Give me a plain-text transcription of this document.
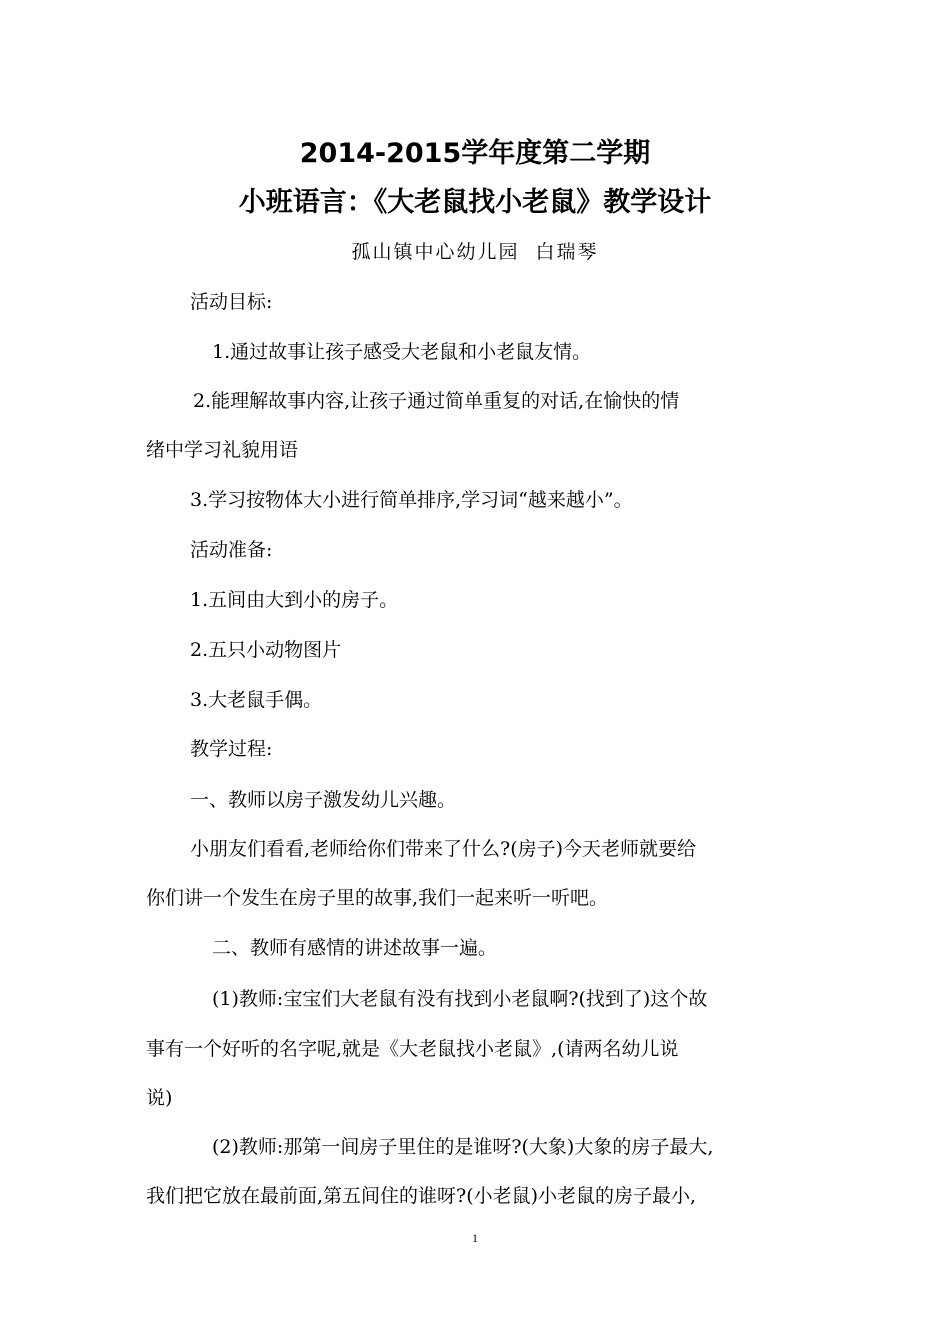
2014-2015学年度第二学期
小班语言：《大老鼠找小老鼠》教学设计
孤山镇中心幼儿园  白瑞琴
活动目标:
1.通过故事让孩子感受大老鼠和小老鼠友情。
2.能理解故事内容,让孩子通过简单重复的对话,在愉快的情
绪中学习礼貌用语
3.学习按物体大小进行简单排序,学习词“越来越小”。
活动准备:
1.五间由大到小的房子。
2.五只小动物图片
3.大老鼠手偶。
教学过程:
一、教师以房子激发幼儿兴趣。
小朋友们看看,老师给你们带来了什么?(房子)今天老师就要给
你们讲一个发生在房子里的故事,我们一起来听一听吧。
二、教师有感情的讲述故事一遍。
(1)教师:宝宝们大老鼠有没有找到小老鼠啊?(找到了)这个故
事有一个好听的名字呢,就是《大老鼠找小老鼠》,(请两名幼儿说
说)
(2)教师:那第一间房子里住的是谁呀?(大象)大象的房子最大,
我们把它放在最前面,第五间住的谁呀?(小老鼠)小老鼠的房子最小,
1
